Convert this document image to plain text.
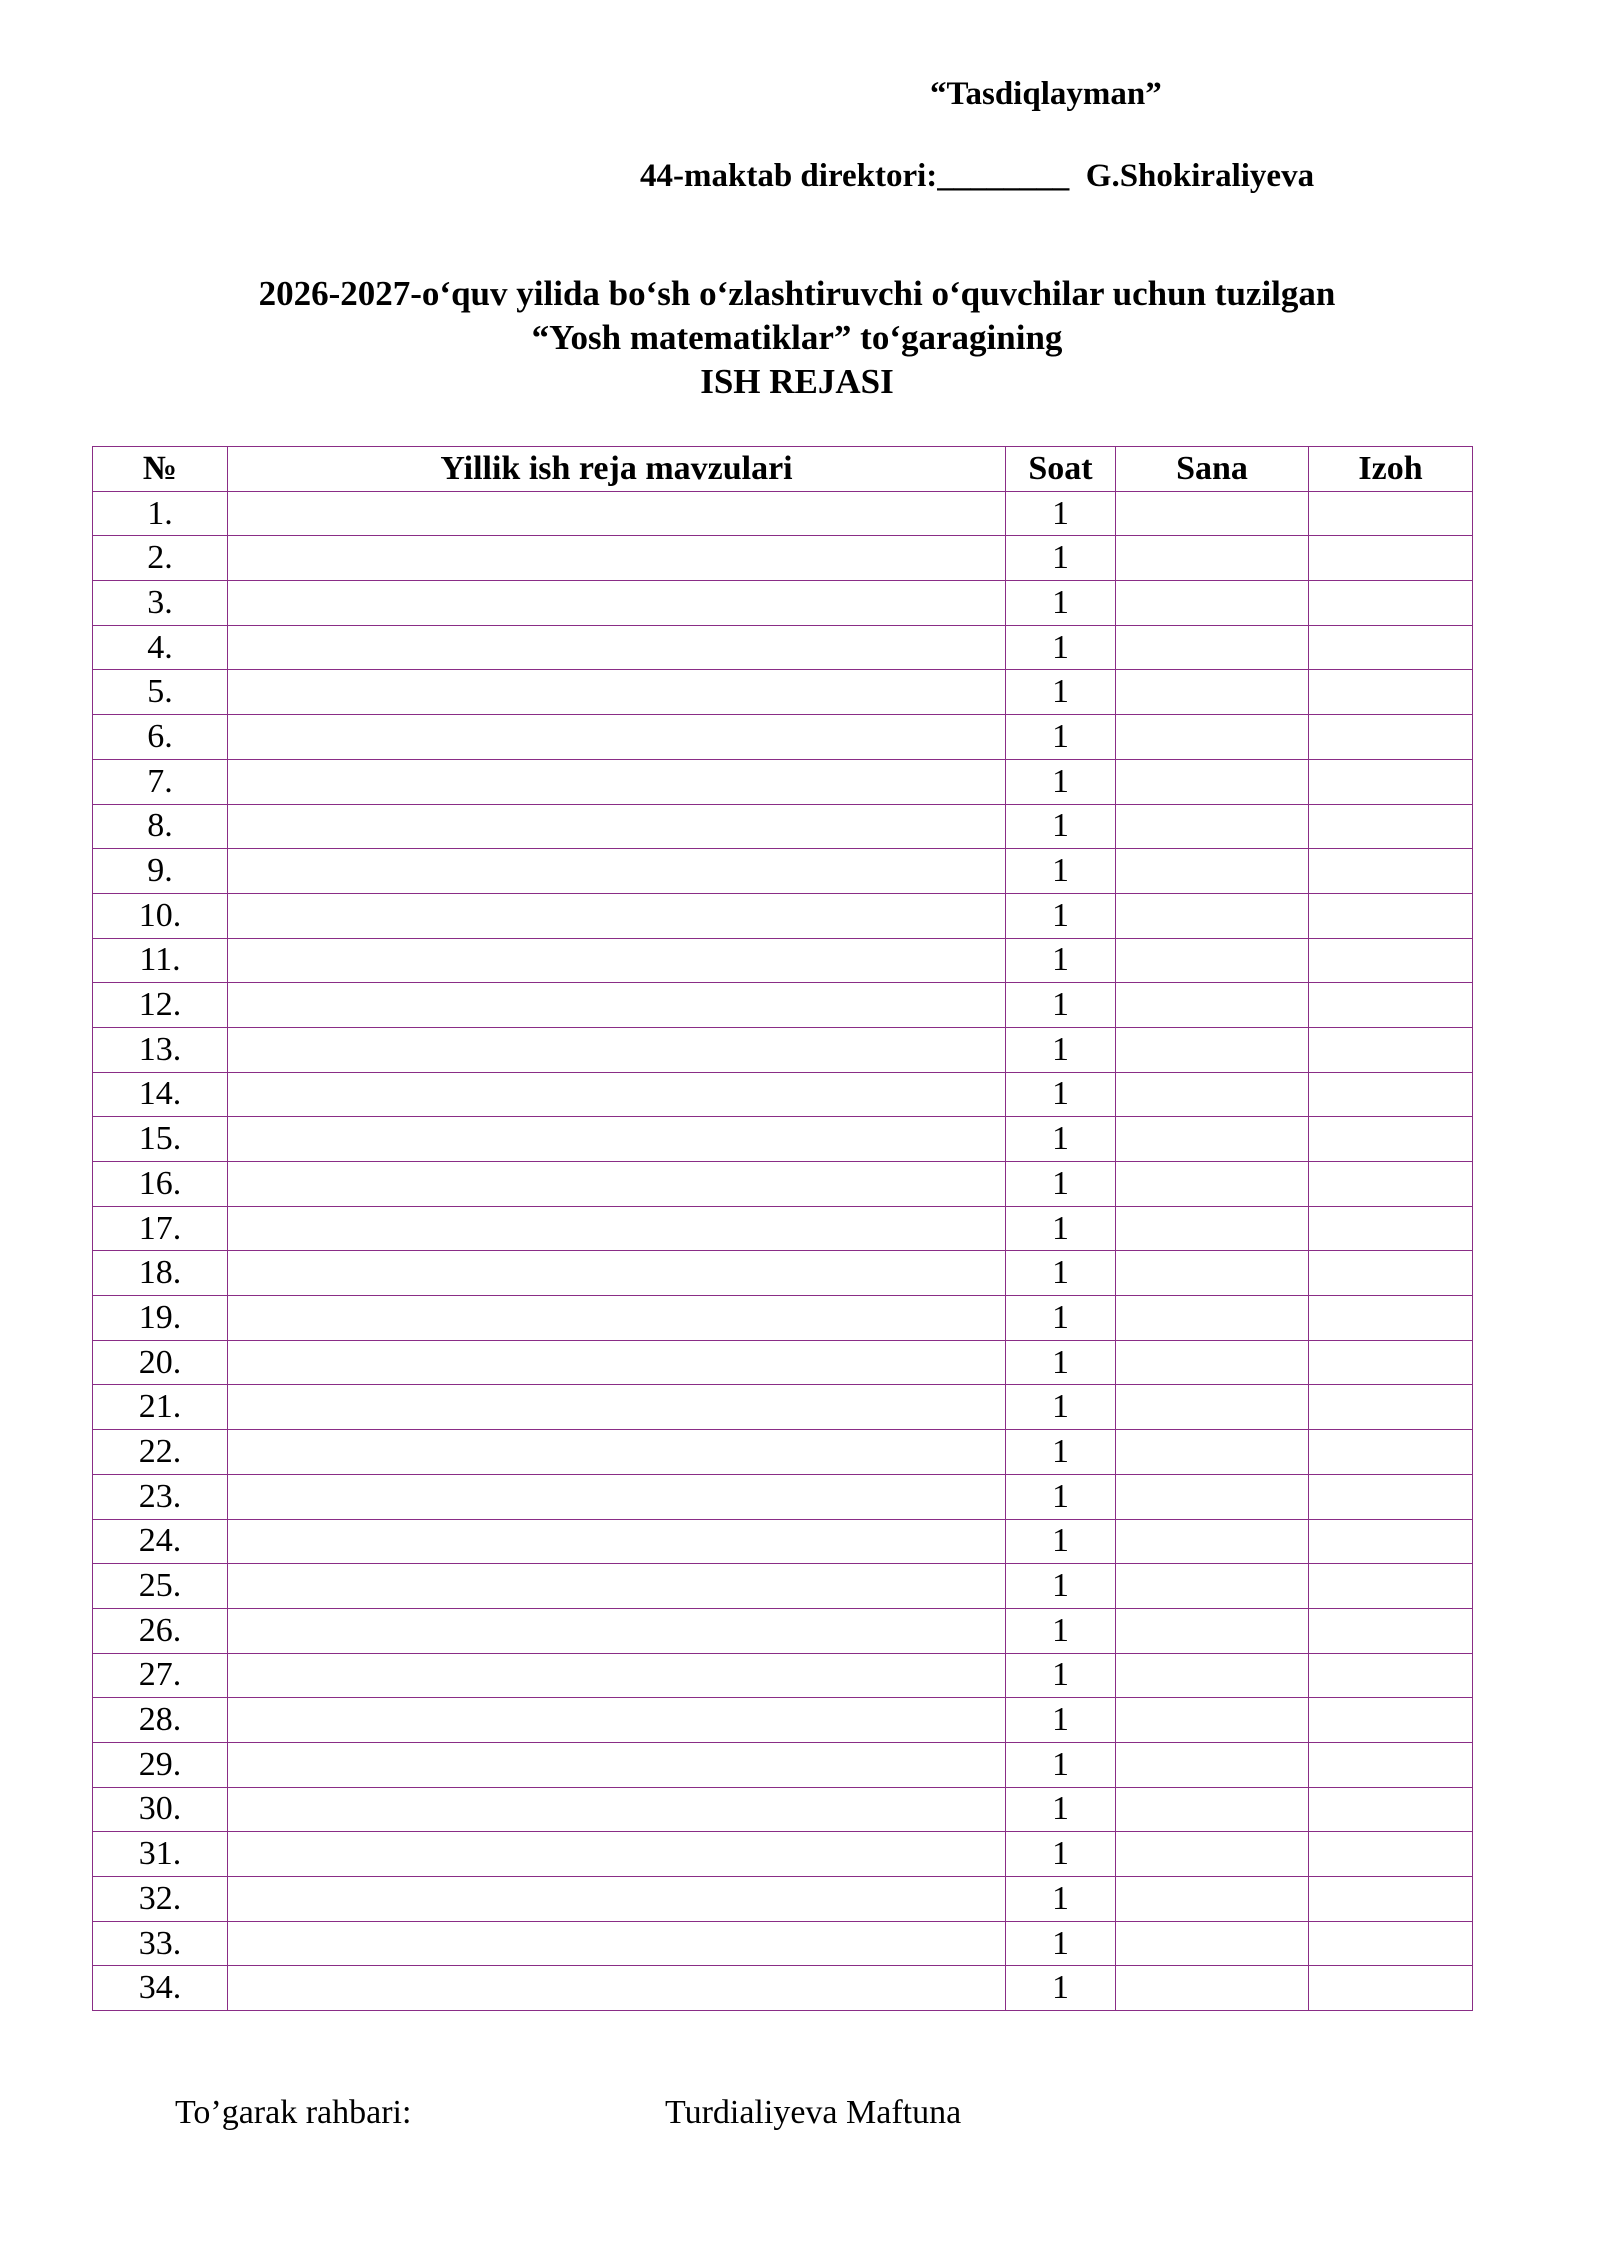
“Tasdiqlayman”
44-maktab direktori:________  G.Shokiraliyeva
2026-2027-o‘quv yilida bo‘sh o‘zlashtiruvchi o‘quvchilar uchun tuzilgan
“Yosh matematiklar” to‘garagining
ISH REJASI
№	Yillik ish reja mavzulari	Soat	Sana	Izoh
1.		1		
2.		1		
3.		1		
4.		1		
5.		1		
6.		1		
7.		1		
8.		1		
9.		1		
10.		1		
11.		1		
12.		1		
13.		1		
14.		1		
15.		1		
16.		1		
17.		1		
18.		1		
19.		1		
20.		1		
21.		1		
22.		1		
23.		1		
24.		1		
25.		1		
26.		1		
27.		1		
28.		1		
29.		1		
30.		1		
31.		1		
32.		1		
33.		1		
34.		1		
To’garak rahbari:	Turdialiyeva Maftuna
